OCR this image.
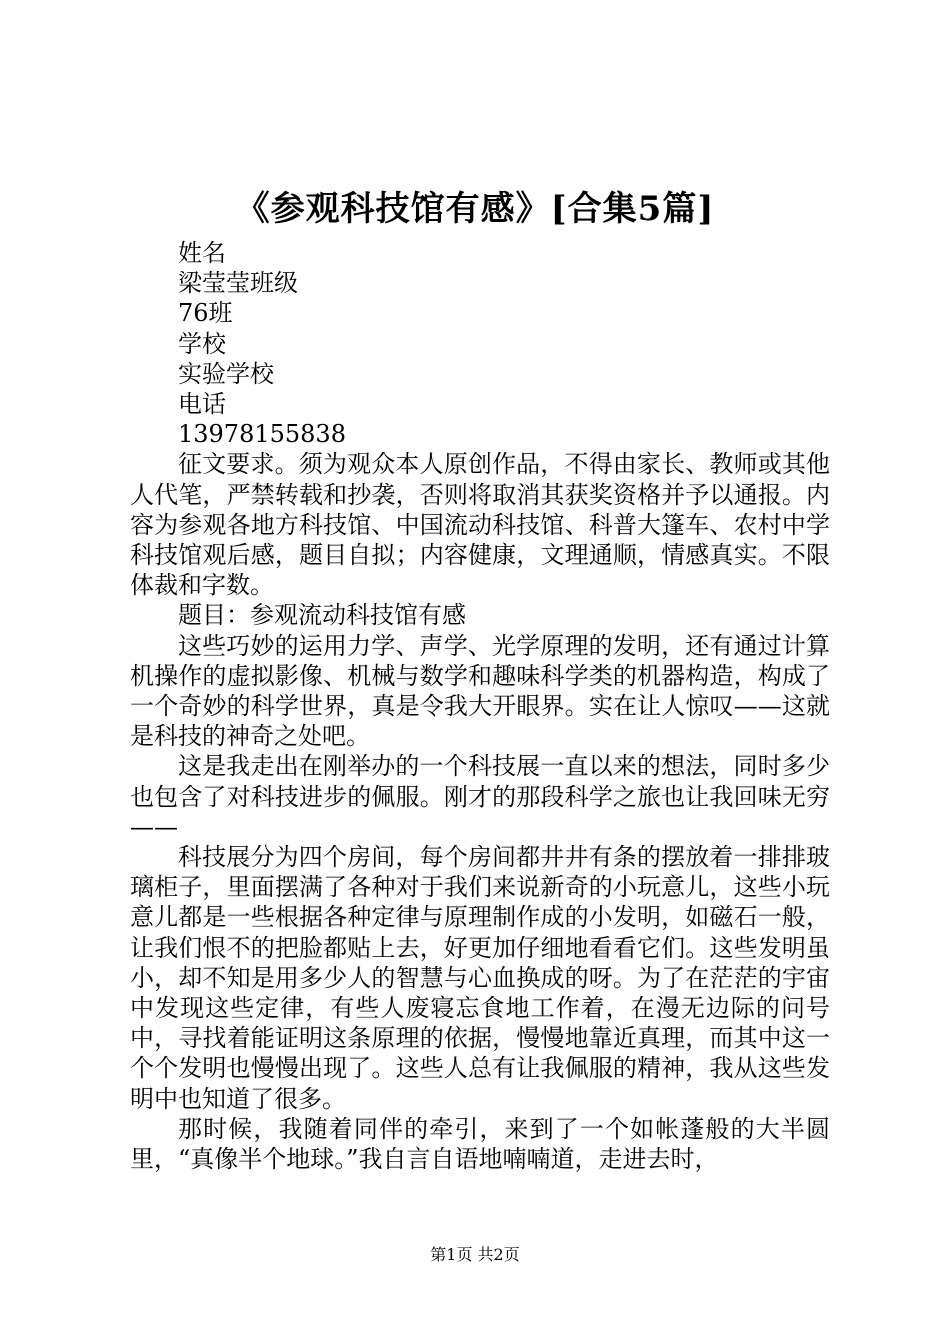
《参观科技馆有感》[合集5篇]

姓名

梁莹莹班级

76班

学校

实验学校

电话

13978155838

征文要求。须为观众本人原创作品，不得由家长、教师或其他人代笔，严禁转载和抄袭，否则将取消其获奖资格并予以通报。内容为参观各地方科技馆、中国流动科技馆、科普大篷车、农村中学科技馆观后感，题目自拟；内容健康，文理通顺，情感真实。不限体裁和字数。

题目：参观流动科技馆有感

这些巧妙的运用力学、声学、光学原理的发明，还有通过计算机操作的虚拟影像、机械与数学和趣味科学类的机器构造，构成了一个奇妙的科学世界，真是令我大开眼界。实在让人惊叹——这就是科技的神奇之处吧。

这是我走出在刚举办的一个科技展一直以来的想法，同时多少也包含了对科技进步的佩服。刚才的那段科学之旅也让我回味无穷——

科技展分为四个房间，每个房间都井井有条的摆放着一排排玻璃柜子，里面摆满了各种对于我们来说新奇的小玩意儿，这些小玩意儿都是一些根据各种定律与原理制作成的小发明，如磁石一般，让我们恨不的把脸都贴上去，好更加仔细地看看它们。这些发明虽小，却不知是用多少人的智慧与心血换成的呀。为了在茫茫的宇宙中发现这些定律，有些人废寝忘食地工作着，在漫无边际的问号中，寻找着能证明这条原理的依据，慢慢地靠近真理，而其中这一个个发明也慢慢出现了。这些人总有让我佩服的精神，我从这些发明中也知道了很多。

那时候，我随着同伴的牵引，来到了一个如帐蓬般的大半圆里，“真像半个地球。”我自言自语地喃喃道，走进去时，

第1页 共2页
